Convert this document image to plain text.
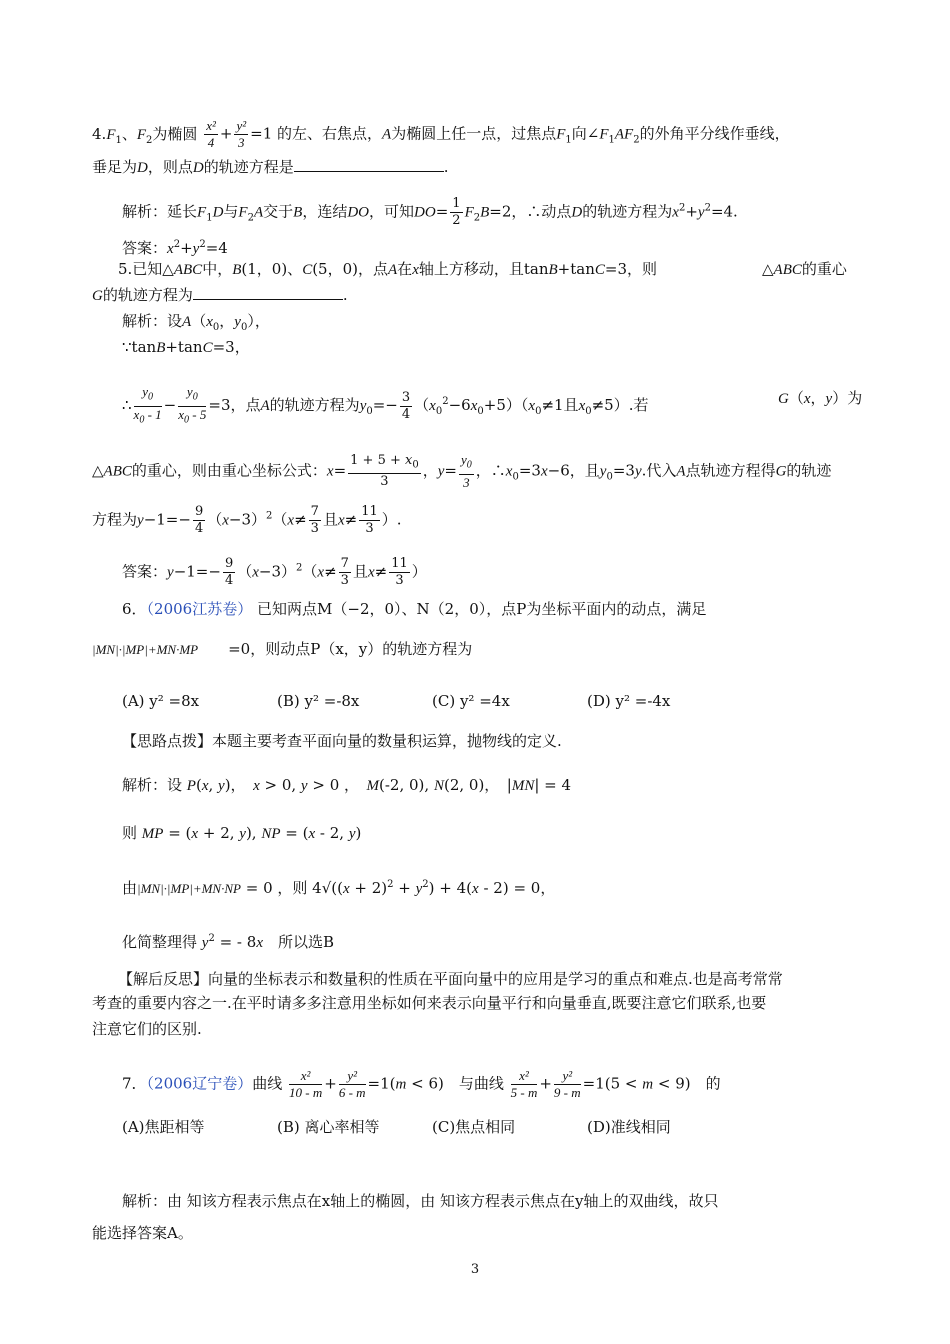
$4.F_1$、$F_2$为椭圆 $\frac{\text{x²}}{4} + \frac{\text{y²}}{3} =1$ 的左、右焦点，A为椭圆上任一点，过焦点$F_1$向$\angle F_1AF_2$的外角平分线作垂线，
垂足为D，则点D的轨迹方程是	.
解析：延长$F_1D$与$F_2A$交于B，连结DO，可知$DO= \frac{1}{2} F_2B=2$，∴动点D的轨迹方程为$x^2+y^2=4$.
答案：$x^2+y^2=4$
5.已知△ABC中，B(1，0)、C(5，0)，点A在x轴上方移动，且tanB+tanC=3，则	△ABC的重心
G的轨迹方程为	.
解析：设$A(x_0$，$y_0$），
∵tanB+tanC=3，
∴ $\frac{y_0}{x_0 - 1} - \frac{y_0}{x_0 - 5} =3$，点A的轨迹方程为$y_0=- \frac{3}{4} (x_0^2-6x_0+5)(x_0\ne 1$且$x_0\ne 5$）.若	G（x，y）为
△ABC的重心，则由重心坐标公式：$x= \frac{1 + 5 + x_0}{3}$ ，$y= \frac{y_0}{3}$ ，$\therefore x_0=3x-6$，且$y_0=3y$.代入A点轨迹方程得G的轨迹
方程为$y-1=- \frac{9}{4} (x-3)^2(x\ne \frac{7}{3}$ 且$x\ne \frac{11}{3}$ ）.
答案：$y-1=- \frac{9}{4} (x-3)^2(x\ne \frac{7}{3}$ 且$x\ne \frac{11}{3}$ ）
6．（2006江苏卷） 已知两点M（−2，0）、N（2，0），点P为坐标平面内的动点，满足
|MN|·|MP|+MN·MP　　=0，则动点P（x，y）的轨迹方程为
(A) y² =8x	(B) y² =-8x	(C) y² =4x	(D) y² =-4x
【思路点拨】本题主要考查平面向量的数量积运算，抛物线的定义.
解析：设 P(x, y)，　x > 0, y > 0 ，　M(-2, 0), N(2, 0)，　|MN| = 4
则 MP = (x + 2, y), NP = (x - 2, y)
由|MN|·|MP|+MN·NP = 0 ，则 $4√((x + 2)^2 + y^2) + 4(x - 2) = 0$，
化简整理得 $y^2$ = - 8x　所以选B
【解后反思】向量的坐标表示和数量积的性质在平面向量中的应用是学习的重点和难点.也是高考常常
考查的重要内容之一.在平时请多多注意用坐标如何来表示向量平行和向量垂直,既要注意它们联系,也要
注意它们的区别.
7．（2006辽宁卷）曲线 $\frac{\text{x²}}{10 - m} + \frac{\text{y²}}{6 - m} =1(m < 6)$　与曲线 $\frac{\text{x²}}{5 - m} + \frac{\text{y²}}{9 - m} =1(5 < m < 9)$　的
(A)焦距相等	(B) 离心率相等	(C)焦点相同	(D)准线相同
解析：由 知该方程表示焦点在x轴上的椭圆，由 知该方程表示焦点在y轴上的双曲线，故只
能选择答案A。
3
